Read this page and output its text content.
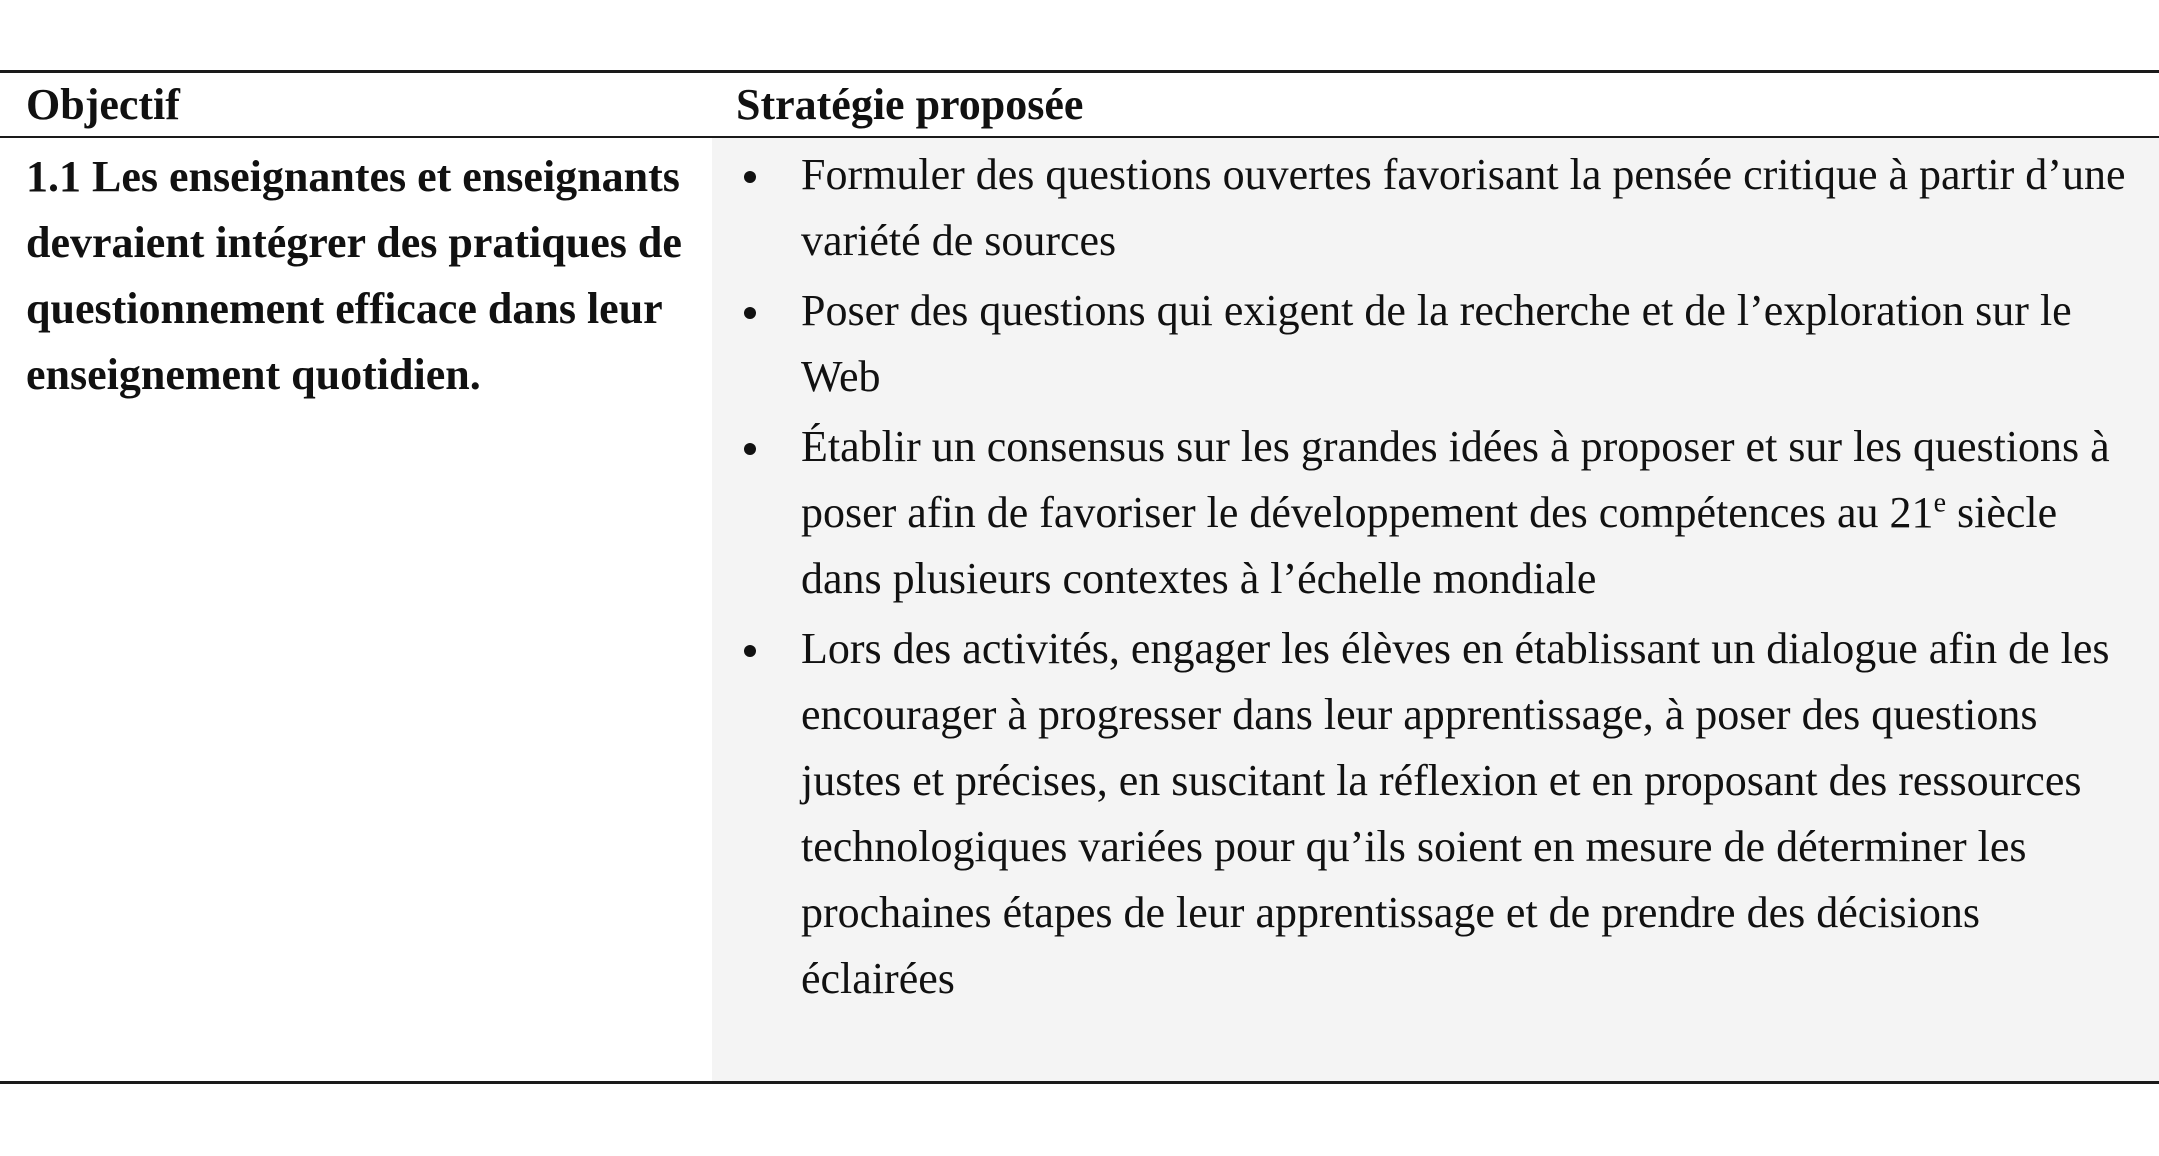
Objectif	Stratégie proposée
1.1 Les enseignantes et enseignants devraient intégrer des pratiques de questionnement efficace dans leur enseignement quotidien.
Formuler des questions ouvertes favorisant la pensée critique à partir d’une variété de sources
Poser des questions qui exigent de la recherche et de l’exploration sur le Web
Établir un consensus sur les grandes idées à proposer et sur les questions à poser afin de favoriser le développement des compétences au 21e siècle dans plusieurs contextes à l’échelle mondiale
Lors des activités, engager les élèves en établissant un dialogue afin de les encourager à progresser dans leur apprentissage, à poser des questions justes et précises, en suscitant la réflexion et en proposant des ressources technologiques variées pour qu’ils soient en mesure de déterminer les prochaines étapes de leur apprentissage et de prendre des décisions éclairées
